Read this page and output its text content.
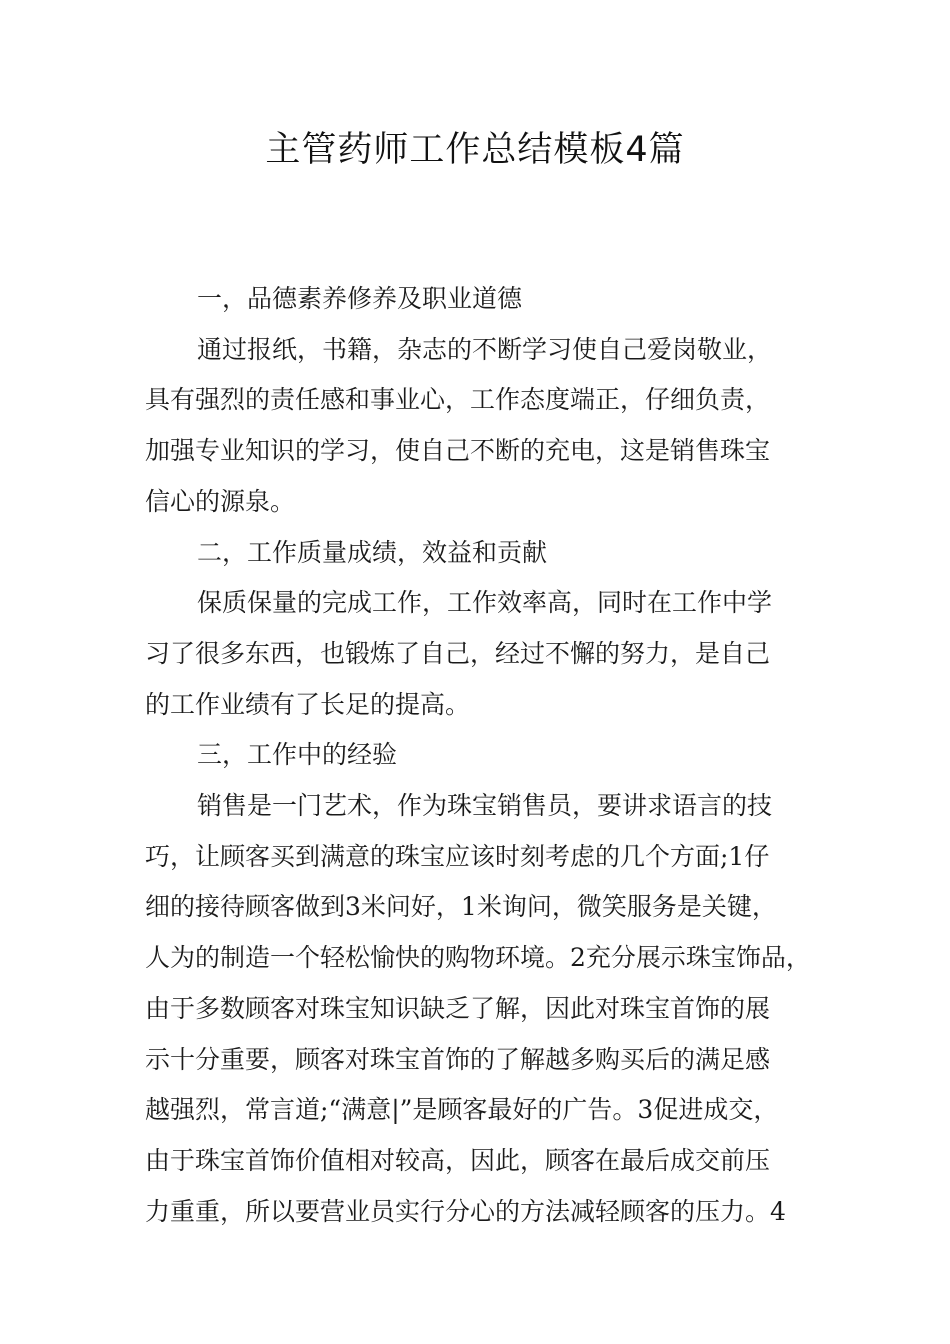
主管药师工作总结模板4篇

一，品德素养修养及职业道德

通过报纸，书籍，杂志的不断学习使自己爱岗敬业，
具有强烈的责任感和事业心，工作态度端正，仔细负责，
加强专业知识的学习，使自己不断的充电，这是销售珠宝
信心的源泉。

二，工作质量成绩，效益和贡献

保质保量的完成工作，工作效率高，同时在工作中学
习了很多东西，也锻炼了自己，经过不懈的努力，是自己
的工作业绩有了长足的提高。

三，工作中的经验

销售是一门艺术，作为珠宝销售员，要讲求语言的技
巧，让顾客买到满意的珠宝应该时刻考虑的几个方面;1仔
细的接待顾客做到3米问好，1米询问，微笑服务是关键，
人为的制造一个轻松愉快的购物环境。2充分展示珠宝饰品，
由于多数顾客对珠宝知识缺乏了解，因此对珠宝首饰的展
示十分重要，顾客对珠宝首饰的了解越多购买后的满足感
越强烈，常言道;“满意|”是顾客最好的广告。3促进成交，
由于珠宝首饰价值相对较高，因此，顾客在最后成交前压
力重重，所以要营业员实行分心的方法减轻顾客的压力。4
